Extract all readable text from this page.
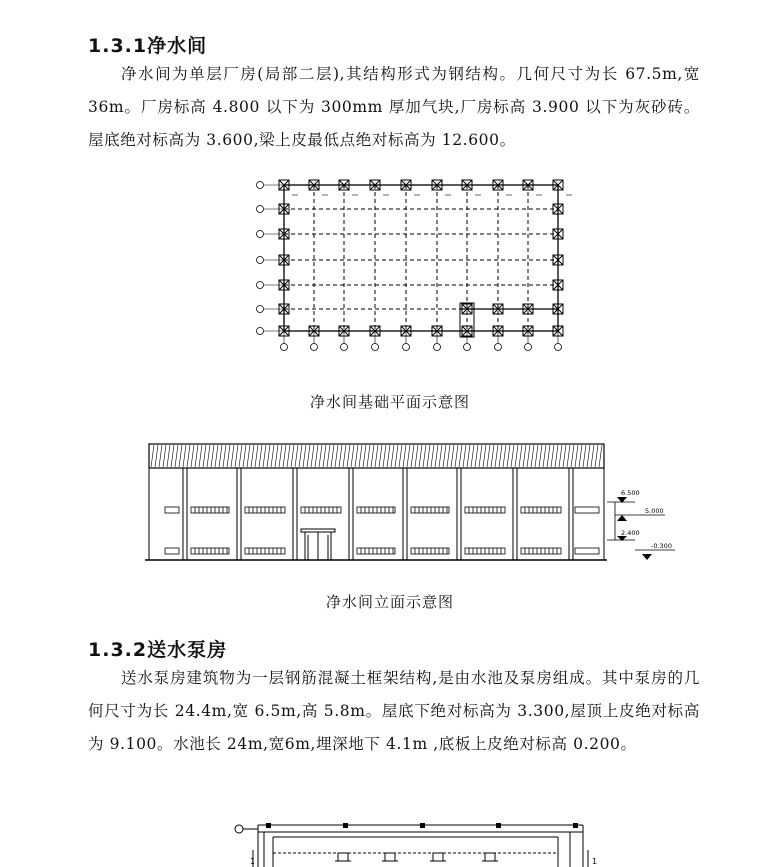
1.3.1净水间
净水间为单层厂房(局部二层),其结构形式为钢结构。几何尺寸为长 67.5m,宽 36m。厂房标高 4.800 以下为 300mm 厚加气块,厂房标高 3.900 以下为灰砂砖。屋底绝对标高为 3.600,梁上皮最低点绝对标高为 12.600。
净水间基础平面示意图
6.500
5.000
2.400
-0.300
净水间立面示意图
1.3.2送水泵房
送水泵房建筑物为一层钢筋混凝土框架结构,是由水池及泵房组成。其中泵房的几何尺寸为长 24.4m,宽 6.5m,高 5.8m。屋底下绝对标高为 3.300,屋顶上皮绝对标高为 9.100。水池长 24m,宽6m,埋深地下 4.1m ,底板上皮绝对标高 0.200。
1	1
